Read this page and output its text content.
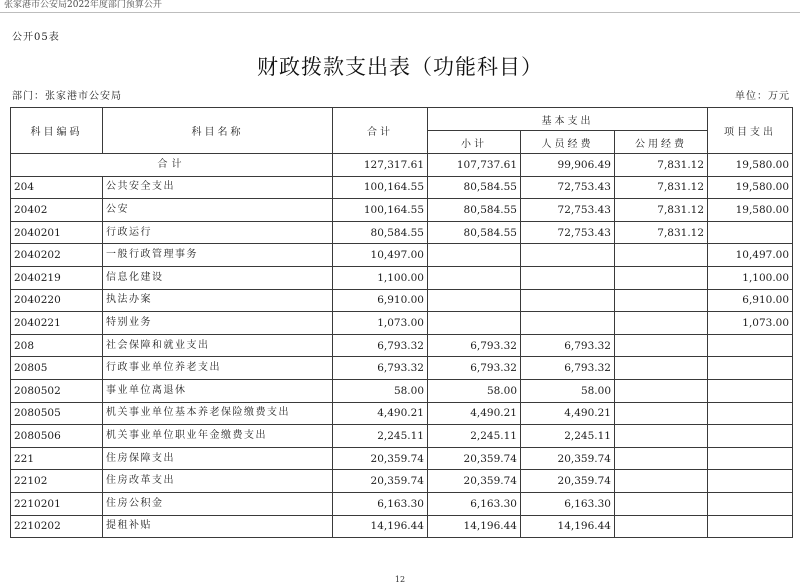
张家港市公安局2022年度部门预算公开
公开05表
财政拨款支出表（功能科目）
部门：张家港市公安局	单位：万元
科目编码	科目名称	合计	基本支出			项目支出
			小计	人员经费	公用经费	
合计		127,317.61	107,737.61	99,906.49	7,831.12	19,580.00
204	公共安全支出	100,164.55	80,584.55	72,753.43	7,831.12	19,580.00
20402	公安	100,164.55	80,584.55	72,753.43	7,831.12	19,580.00
2040201	行政运行	80,584.55	80,584.55	72,753.43	7,831.12	
2040202	一般行政管理事务	10,497.00				10,497.00
2040219	信息化建设	1,100.00				1,100.00
2040220	执法办案	6,910.00				6,910.00
2040221	特别业务	1,073.00				1,073.00
208	社会保障和就业支出	6,793.32	6,793.32	6,793.32		
20805	行政事业单位养老支出	6,793.32	6,793.32	6,793.32		
2080502	事业单位离退休	58.00	58.00	58.00		
2080505	机关事业单位基本养老保险缴费支出	4,490.21	4,490.21	4,490.21		
2080506	机关事业单位职业年金缴费支出	2,245.11	2,245.11	2,245.11		
221	住房保障支出	20,359.74	20,359.74	20,359.74		
22102	住房改革支出	20,359.74	20,359.74	20,359.74		
2210201	住房公积金	6,163.30	6,163.30	6,163.30		
2210202	提租补贴	14,196.44	14,196.44	14,196.44		
12
